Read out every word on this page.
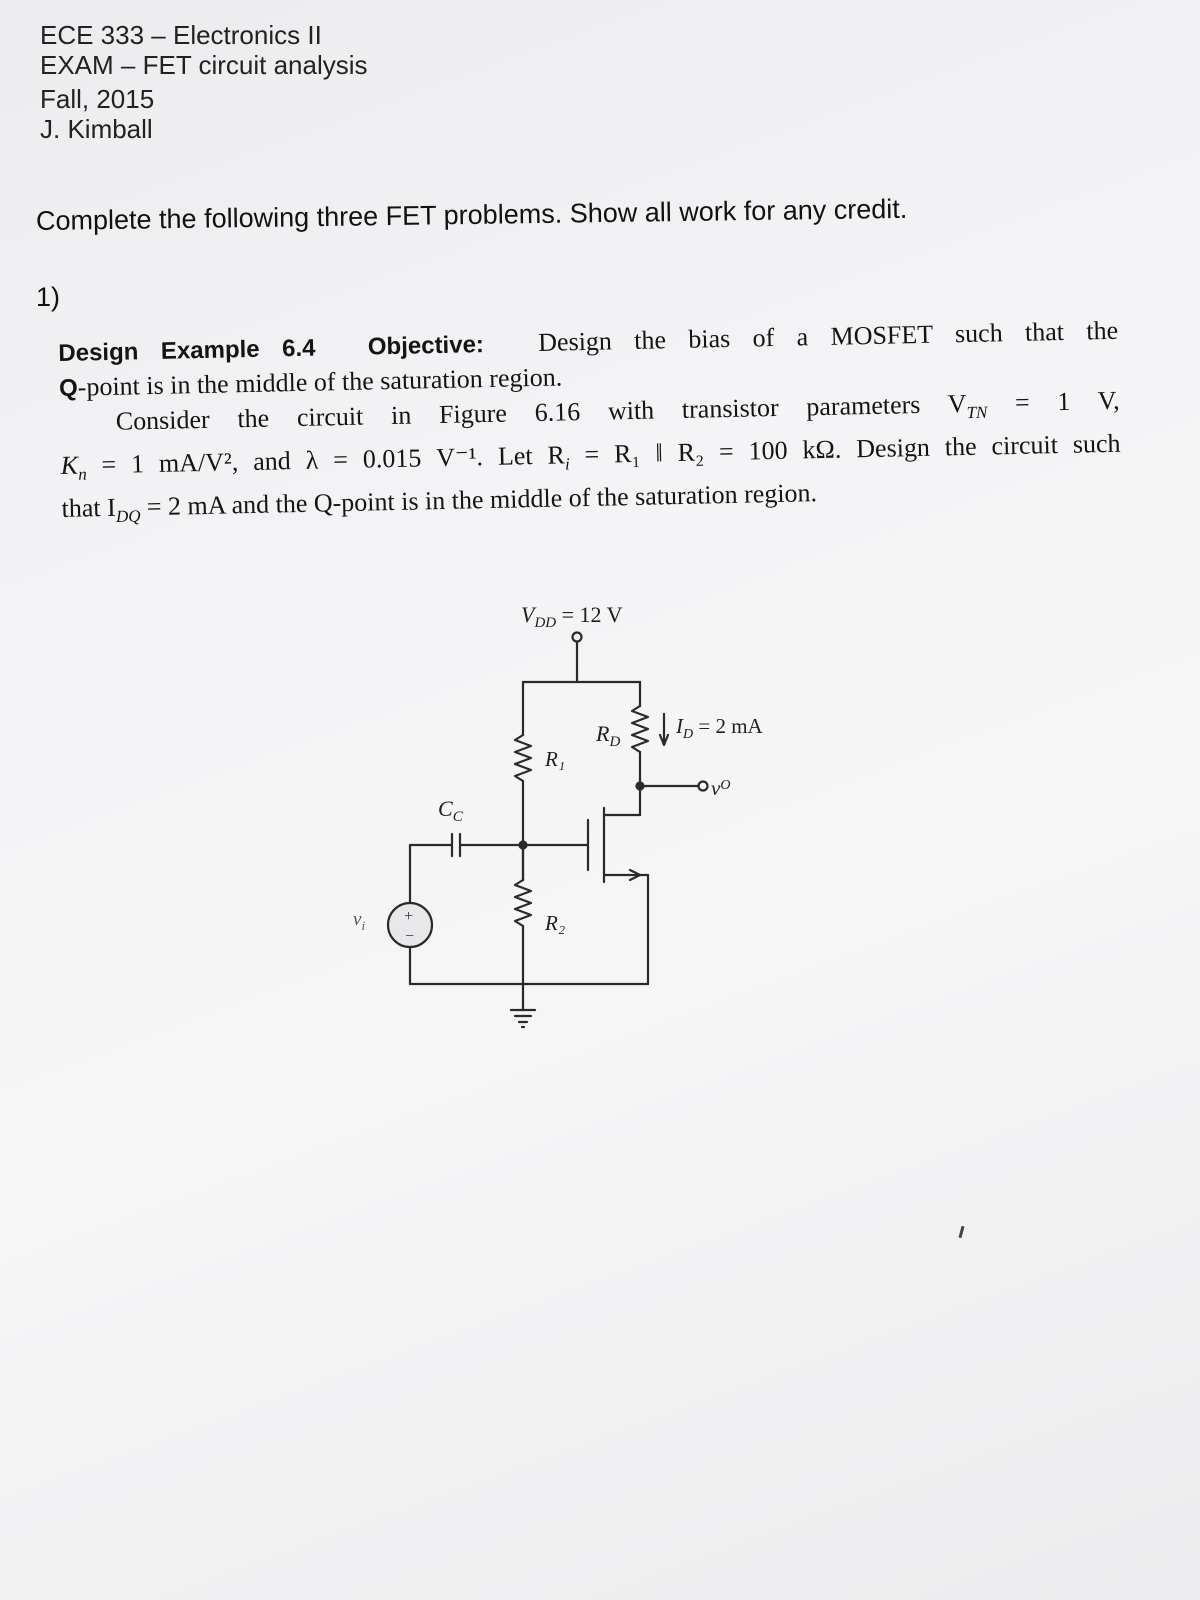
ECE 333 – Electronics II
EXAM – FET circuit analysis
Fall, 2015
J. Kimball
Complete the following three FET problems. Show all work for any credit.
1)
Design Example 6.4 Objective: Design the bias of a MOSFET such that the
Q-point is in the middle of the saturation region.
Consider the circuit in Figure 6.16 with transistor parameters $V_{TN} = 1$ V,
$K_n = 1$ mA/V², and λ = 0.015 V⁻¹. Let $R_i = R_1$ ‖ R₂ = 100 kΩ. Design the circuit such
that $I_{DQ} = 2$ mA and the Q-point is in the middle of the saturation region.
$V_{DD} = 12$ V
$R_D$
$I_D = 2$ mA
R₁
R₂
$v^O$
$C_C$
$v_i$
+
−
